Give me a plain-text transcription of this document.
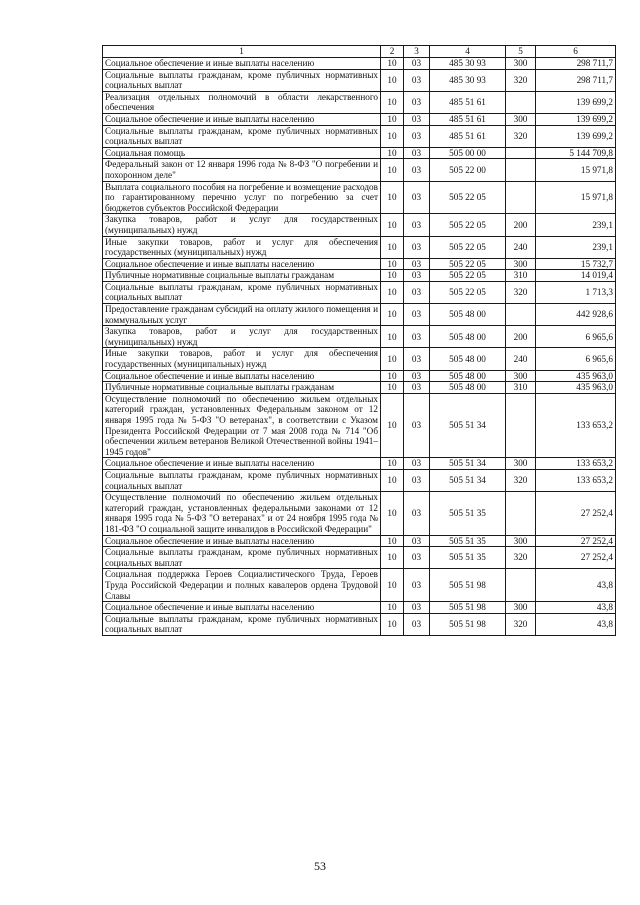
1	2	3	4	5	6
Социальное обеспечение и иные выплаты населению	10	03	485 30 93	300	298 711,7
Социальные выплаты гражданам, кроме публичных нормативных социальных выплат	10	03	485 30 93	320	298 711,7
Реализация отдельных полномочий в области лекарственного обеспечения	10	03	485 51 61		139 699,2
Социальное обеспечение и иные выплаты населению	10	03	485 51 61	300	139 699,2
Социальные выплаты гражданам, кроме публичных нормативных социальных выплат	10	03	485 51 61	320	139 699,2
Социальная помощь	10	03	505 00 00		5 144 709,8
Федеральный закон от 12 января 1996 года № 8-ФЗ "О погребении и похоронном деле"	10	03	505 22 00		15 971,8
Выплата социального пособия на погребение и возмещение расходов по гарантированному перечню услуг по погребению за счет бюджетов субъектов Российской Федерации	10	03	505 22 05		15 971,8
Закупка товаров, работ и услуг для государственных (муниципальных) нужд	10	03	505 22 05	200	239,1
Иные закупки товаров, работ и услуг для обеспечения государственных (муниципальных) нужд	10	03	505 22 05	240	239,1
Социальное обеспечение и иные выплаты населению	10	03	505 22 05	300	15 732,7
Публичные нормативные социальные выплаты гражданам	10	03	505 22 05	310	14 019,4
Социальные выплаты гражданам, кроме публичных нормативных социальных выплат	10	03	505 22 05	320	1 713,3
Предоставление гражданам субсидий на оплату жилого помещения и коммунальных услуг	10	03	505 48 00		442 928,6
Закупка товаров, работ и услуг для государственных (муниципальных) нужд	10	03	505 48 00	200	6 965,6
Иные закупки товаров, работ и услуг для обеспечения государственных (муниципальных) нужд	10	03	505 48 00	240	6 965,6
Социальное обеспечение и иные выплаты населению	10	03	505 48 00	300	435 963,0
Публичные нормативные социальные выплаты гражданам	10	03	505 48 00	310	435 963,0
Осуществление полномочий по обеспечению жильем отдельных категорий граждан, установленных Федеральным законом от 12 января 1995 года № 5-ФЗ "О ветеранах", в соответствии с Указом Президента Российской Федерации от 7 мая 2008 года № 714 "Об обеспечении жильем ветеранов Великой Отечественной войны 1941–1945 годов"	10	03	505 51 34		133 653,2
Социальное обеспечение и иные выплаты населению	10	03	505 51 34	300	133 653,2
Социальные выплаты гражданам, кроме публичных нормативных социальных выплат	10	03	505 51 34	320	133 653,2
Осуществление полномочий по обеспечению жильем отдельных категорий граждан, установленных федеральными законами от 12 января 1995 года № 5-ФЗ "О ветеранах" и от 24 ноября 1995 года № 181-ФЗ "О социальной защите инвалидов в Российской Федерации"	10	03	505 51 35		27 252,4
Социальное обеспечение и иные выплаты населению	10	03	505 51 35	300	27 252,4
Социальные выплаты гражданам, кроме публичных нормативных социальных выплат	10	03	505 51 35	320	27 252,4
Социальная поддержка Героев Социалистического Труда, Героев Труда Российской Федерации и полных кавалеров ордена Трудовой Славы	10	03	505 51 98		43,8
Социальное обеспечение и иные выплаты населению	10	03	505 51 98	300	43,8
Социальные выплаты гражданам, кроме публичных нормативных социальных выплат	10	03	505 51 98	320	43,8
53
